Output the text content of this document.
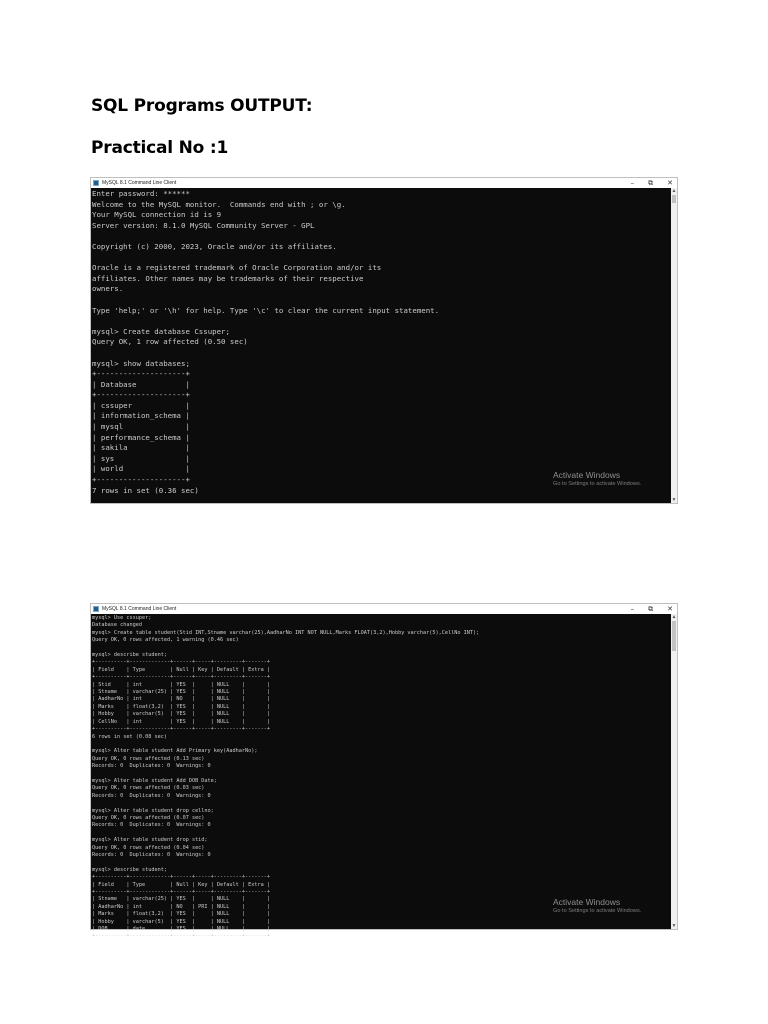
SQL Programs OUTPUT:
Practical No :1
MySQL 8.1 Command Line Client	– ⧉ ✕
Enter password: ******
Welcome to the MySQL monitor.  Commands end with ; or \g.
Your MySQL connection id is 9
Server version: 8.1.0 MySQL Community Server - GPL

Copyright (c) 2000, 2023, Oracle and/or its affiliates.

Oracle is a registered trademark of Oracle Corporation and/or its
affiliates. Other names may be trademarks of their respective
owners.

Type 'help;' or '\h' for help. Type '\c' to clear the current input statement.

mysql> Create database Cssuper;
Query OK, 1 row affected (0.50 sec)

mysql> show databases;
+--------------------+
| Database           |
+--------------------+
| cssuper            |
| information_schema |
| mysql              |
| performance_schema |
| sakila             |
| sys                |
| world              |
+--------------------+
7 rows in set (0.36 sec)
▲
▼
Activate Windows
Go to Settings to activate Windows.
MySQL 8.1 Command Line Client	– ⧉ ✕
mysql> Use cssuper;
Database changed
mysql> Create table student(Stid INT,Stname varchar(25),AadharNo INT NOT NULL,Marks FLOAT(3,2),Hobby varchar(5),CellNo INT);
Query OK, 0 rows affected, 1 warning (0.46 sec)

mysql> describe student;
+----------+-------------+------+-----+---------+-------+
| Field    | Type        | Null | Key | Default | Extra |
+----------+-------------+------+-----+---------+-------+
| Stid     | int         | YES  |     | NULL    |       |
| Stname   | varchar(25) | YES  |     | NULL    |       |
| AadharNo | int         | NO   |     | NULL    |       |
| Marks    | float(3,2)  | YES  |     | NULL    |       |
| Hobby    | varchar(5)  | YES  |     | NULL    |       |
| CellNo   | int         | YES  |     | NULL    |       |
+----------+-------------+------+-----+---------+-------+
6 rows in set (0.08 sec)

mysql> Alter table student Add Primary key(AadharNo);
Query OK, 0 rows affected (0.13 sec)
Records: 0  Duplicates: 0  Warnings: 0

mysql> Alter table student Add DOB Date;
Query OK, 0 rows affected (0.03 sec)
Records: 0  Duplicates: 0  Warnings: 0

mysql> Alter table student drop cellno;
Query OK, 0 rows affected (0.07 sec)
Records: 0  Duplicates: 0  Warnings: 0

mysql> Alter table student drop stid;
Query OK, 0 rows affected (0.04 sec)
Records: 0  Duplicates: 0  Warnings: 0

mysql> describe student;
+----------+-------------+------+-----+---------+-------+
| Field    | Type        | Null | Key | Default | Extra |
+----------+-------------+------+-----+---------+-------+
| Stname   | varchar(25) | YES  |     | NULL    |       |
| AadharNo | int         | NO   | PRI | NULL    |       |
| Marks    | float(3,2)  | YES  |     | NULL    |       |
| Hobby    | varchar(5)  | YES  |     | NULL    |       |
| DOB      | date        | YES  |     | NULL    |       |
+----------+-------------+------+-----+---------+-------+
▲
▼
Activate Windows
Go to Settings to activate Windows.
